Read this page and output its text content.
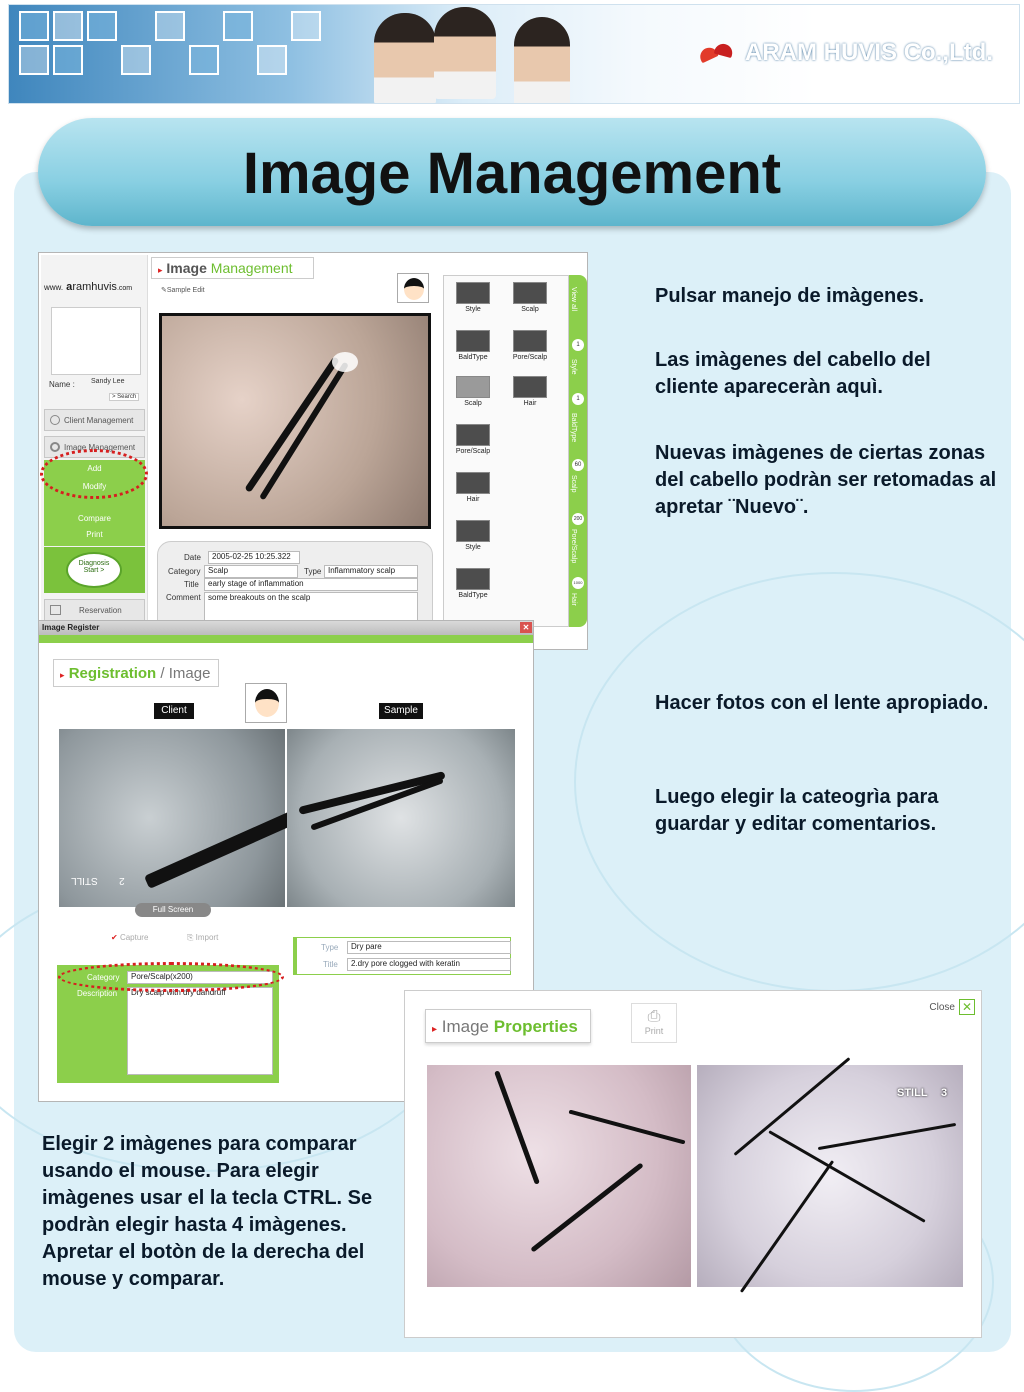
ARAM HUVIS Co.,Ltd.
Image Management
www. aramhuvis.com
Name : Sandy Lee
> Search
Client Management
Image Management
Add
Modify
Compare
Print
Diagnosis
Start >
Reservation
▸ Image Management
✎Sample Edit
Date	2005-02-25 10:25.322
Category Scalp	Type Inflammatory scalp
Title	early stage of inflammation
Comment some breakouts on the scalp
Style	Scalp
BaldType	Pore/Scalp
Scalp	Hair
Pore/Scalp
Hair
Style
BaldType
View all
1
Style
1
BaldType
60
Scalp
200
Pore/Scalp
1000
Hair
Image Register	✕
▸ Registration / Image
Client	Sample
STILL 2
Full Screen
✔ Capture	⎘ Import
Type	Dry pare
Title	2.dry pore clogged with keratin
Category	Pore/Scalp(x200)
Description	Dry scalp with dry dandruff
▸ Image Properties
⎙
Print
Close ✕
STILL 3

Pulsar manejo de imàgenes.

Las imàgenes del cabello del cliente apareceràn aquì.

Nuevas imàgenes de ciertas zonas del cabello podràn ser retomadas al apretar ¨Nuevo¨.

Hacer fotos con el lente apropiado.

Luego elegir la cateogrìa para guardar y editar comentarios.

Elegir 2 imàgenes para comparar usando el mouse. Para elegir imàgenes usar el la tecla CTRL. Se podràn elegir hasta 4 imàgenes. Apretar el botòn de la derecha del mouse y comparar.
